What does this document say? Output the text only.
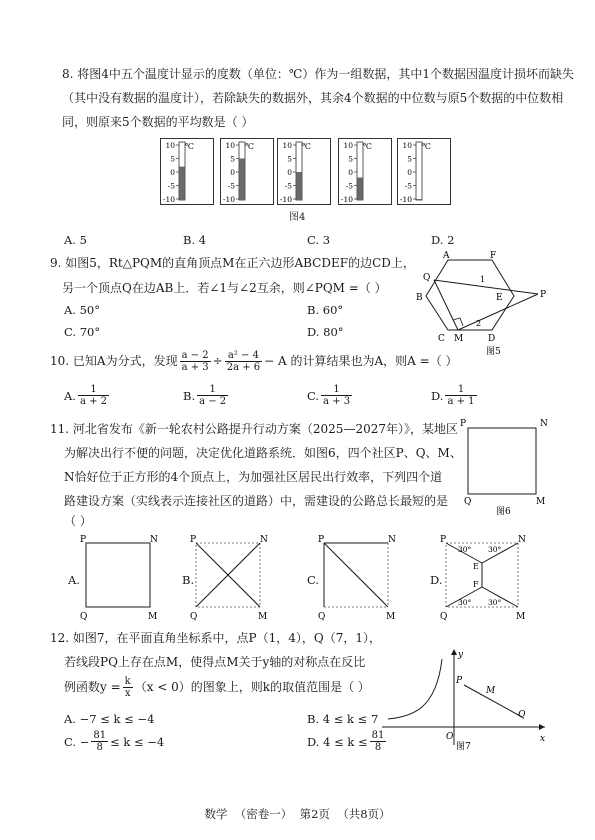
8. 将图4中五个温度计显示的度数（单位：℃）作为一组数据，其中1个数据因温度计损坏而缺失
（其中没有数据的温度计），若除缺失的数据外，其余4个数据的中位数与原5个数据的中位数相
同，则原来5个数据的平均数是（ ）
℃
10
5
0
-5
-10
℃
10
5
0
-5
-10
℃
10
5
0
-5
-10
℃
10
5
0
-5
-10
℃
10
5
0
-5
-10
图4
A. 5	B. 4	C. 3	D. 2
9. 如图5，Rt△PQM的直角顶点M在正六边形ABCDEF的边CD上，
另一个顶点Q在边AB上．若∠1与∠2互余，则∠PQM =（ ）
A. 50°	B. 60°
C. 70°	D. 80°
A	F
Q
B	E	P
C M	D
1
2
图5
10. 已知A为分式，发现 $\frac{a - 2}{a + 3} \div \frac{\text{a² − 4}}{2a + 6} - A$ 的计算结果也为A，则A =（ ）
A. $\frac{1}{a + 2}$	B. $\frac{1}{a - 2}$	C. $\frac{1}{a + 3}$	D. $\frac{1}{a + 1}$
11. 河北省发布《新一轮农村公路提升行动方案（2025—2027年）》，某地区
为解决出行不便的问题，决定优化道路系统．如图6，四个社区P、Q、M、
N恰好位于正方形的4个顶点上，为加强社区居民出行效率，下列四个道
路建设方案（实线表示连接社区的道路）中，需建设的公路总长最短的是
（ ）
P	N
Q	M
图6
A.
P	N
Q	M
B.
P	N
Q	M
C.
P	N
Q	M
D.
30° 30°
30° 30°
E
F
P	N
Q	M
12. 如图7，在平面直角坐标系中，点P（1，4），Q（7，1），
若线段PQ上存在点M，使得点M关于y轴的对称点在反比
例函数$y = \frac{k}{x} (x < 0)$的图象上，则k的取值范围是（ ）
A. −7 ≤ k ≤ −4	B. 4 ≤ k ≤ 7
C. − $\frac{81}{8} \le k \le -4$	D. $4 \le k \le \frac{81}{8}$
y
x
O
P
M
Q
图7
数学  （密卷一）  第2页  （共8页）
